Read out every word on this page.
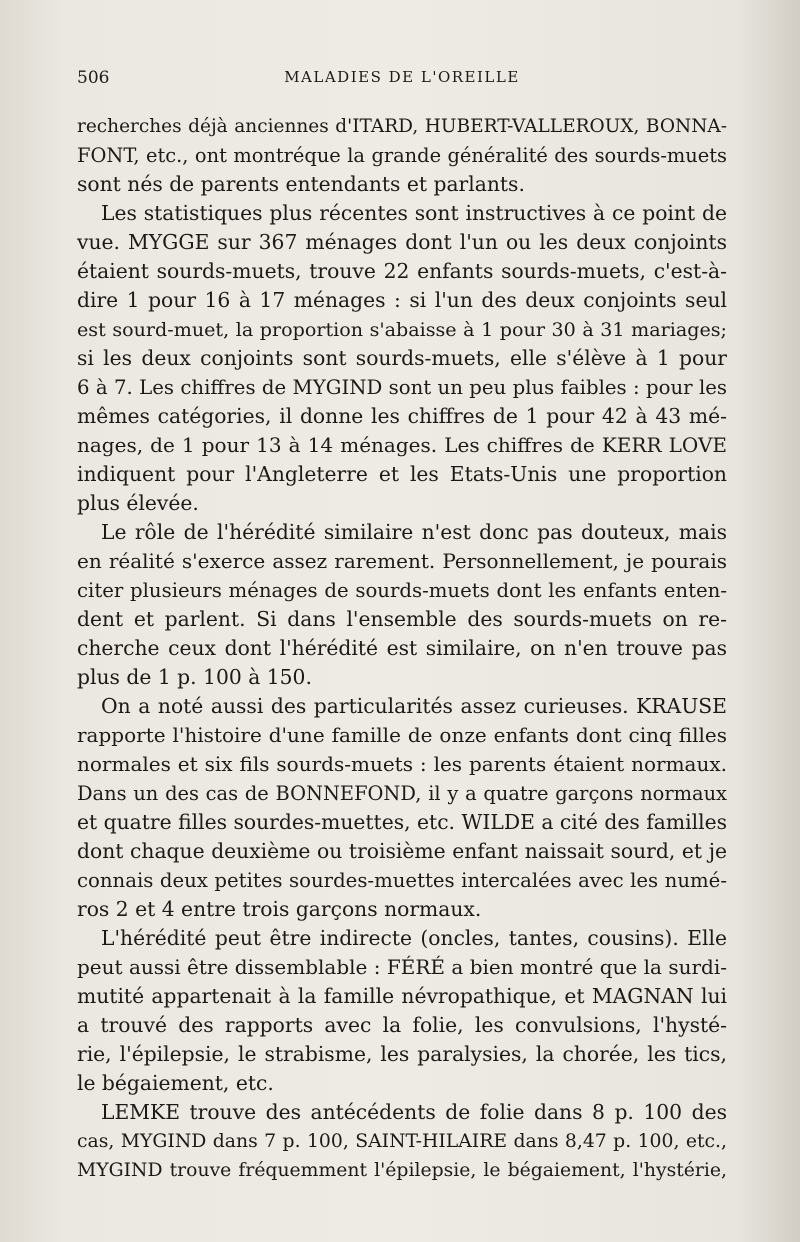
506	MALADIES DE L'OREILLE
recherches déjà anciennes d'ITARD, HUBERT-VALLEROUX, BONNA-
FONT, etc., ont montréque la grande généralité des sourds-muets
sont nés de parents entendants et parlants.
Les statistiques plus récentes sont instructives à ce point de
vue. MYGGE sur 367 ménages dont l'un ou les deux conjoints
étaient sourds-muets, trouve 22 enfants sourds-muets, c'est-à-
dire 1 pour 16 à 17 ménages : si l'un des deux conjoints seul
est sourd-muet, la proportion s'abaisse à 1 pour 30 à 31 mariages;
si les deux conjoints sont sourds-muets, elle s'élève à 1 pour
6 à 7. Les chiffres de MYGIND sont un peu plus faibles : pour les
mêmes catégories, il donne les chiffres de 1 pour 42 à 43 mé-
nages, de 1 pour 13 à 14 ménages. Les chiffres de KERR LOVE
indiquent pour l'Angleterre et les Etats-Unis une proportion
plus élevée.
Le rôle de l'hérédité similaire n'est donc pas douteux, mais
en réalité s'exerce assez rarement. Personnellement, je pourais
citer plusieurs ménages de sourds-muets dont les enfants enten-
dent et parlent. Si dans l'ensemble des sourds-muets on re-
cherche ceux dont l'hérédité est similaire, on n'en trouve pas
plus de 1 p. 100 à 150.
On a noté aussi des particularités assez curieuses. KRAUSE
rapporte l'histoire d'une famille de onze enfants dont cinq filles
normales et six fils sourds-muets : les parents étaient normaux.
Dans un des cas de BONNEFOND, il y a quatre garçons normaux
et quatre filles sourdes-muettes, etc. WILDE a cité des familles
dont chaque deuxième ou troisième enfant naissait sourd, et je
connais deux petites sourdes-muettes intercalées avec les numé-
ros 2 et 4 entre trois garçons normaux.
L'hérédité peut être indirecte (oncles, tantes, cousins). Elle
peut aussi être dissemblable : FÉRÉ a bien montré que la surdi-
mutité appartenait à la famille névropathique, et MAGNAN lui
a trouvé des rapports avec la folie, les convulsions, l'hysté-
rie, l'épilepsie, le strabisme, les paralysies, la chorée, les tics,
le bégaiement, etc.
LEMKE trouve des antécédents de folie dans 8 p. 100 des
cas, MYGIND dans 7 p. 100, SAINT-HILAIRE dans 8,47 p. 100, etc.,
MYGIND trouve fréquemment l'épilepsie, le bégaiement, l'hystérie,
